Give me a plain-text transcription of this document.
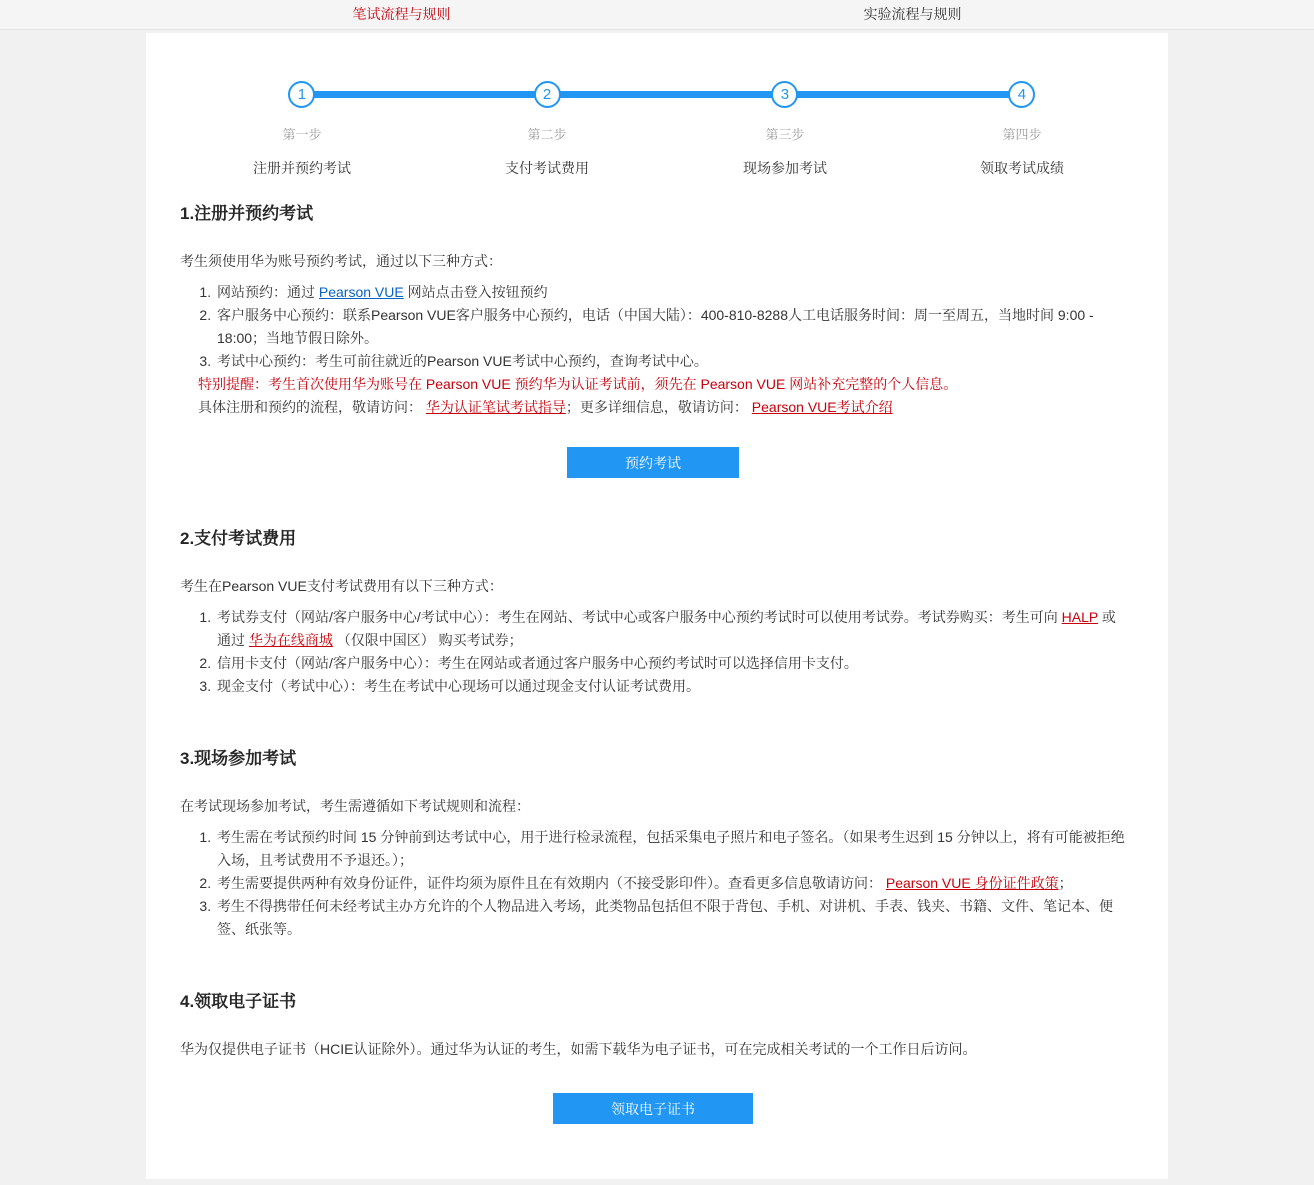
笔试流程与规则	实验流程与规则
1
第一步
注册并预约考试
2
第二步
支付考试费用
3
第三步
现场参加考试
4
第四步
领取考试成绩
1.注册并预约考试

考生须使用华为账号预约考试，通过以下三种方式：

1. 网站预约：通过 Pearson VUE 网站点击登入按钮预约
2. 客户服务中心预约：联系Pearson VUE客户服务中心预约，电话（中国大陆）：400-810-8288人工电话服务时间：周一至周五，当地时间 9:00 - 18:00；当地节假日除外。
3. 考试中心预约：考生可前往就近的Pearson VUE考试中心预约，查询考试中心。
特别提醒：考生首次使用华为账号在 Pearson VUE 预约华为认证考试前，须先在 Pearson VUE 网站补充完整的个人信息。
具体注册和预约的流程，敬请访问： 华为认证笔试考试指导；更多详细信息，敬请访问： Pearson VUE考试介绍
预约考试
2.支付考试费用

考生在Pearson VUE支付考试费用有以下三种方式：

1. 考试券支付（网站/客户服务中心/考试中心）：考生在网站、考试中心或客户服务中心预约考试时可以使用考试券。考试券购买：考生可向 HALP 或通过 华为在线商城 （仅限中国区） 购买考试券；
2. 信用卡支付（网站/客户服务中心）：考生在网站或者通过客户服务中心预约考试时可以选择信用卡支付。
3. 现金支付（考试中心）：考生在考试中心现场可以通过现金支付认证考试费用。
3.现场参加考试

在考试现场参加考试，考生需遵循如下考试规则和流程：

1. 考生需在考试预约时间 15 分钟前到达考试中心，用于进行检录流程，包括采集电子照片和电子签名。（如果考生迟到 15 分钟以上，将有可能被拒绝入场，且考试费用不予退还。）；
2. 考生需要提供两种有效身份证件，证件均须为原件且在有效期内（不接受影印件）。查看更多信息敬请访问： Pearson VUE 身份证件政策；
3. 考生不得携带任何未经考试主办方允许的个人物品进入考场，此类物品包括但不限于背包、手机、对讲机、手表、钱夹、书籍、文件、笔记本、便签、纸张等。
4.领取电子证书

华为仅提供电子证书（HCIE认证除外）。通过华为认证的考生，如需下载华为电子证书，可在完成相关考试的一个工作日后访问。

领取电子证书
